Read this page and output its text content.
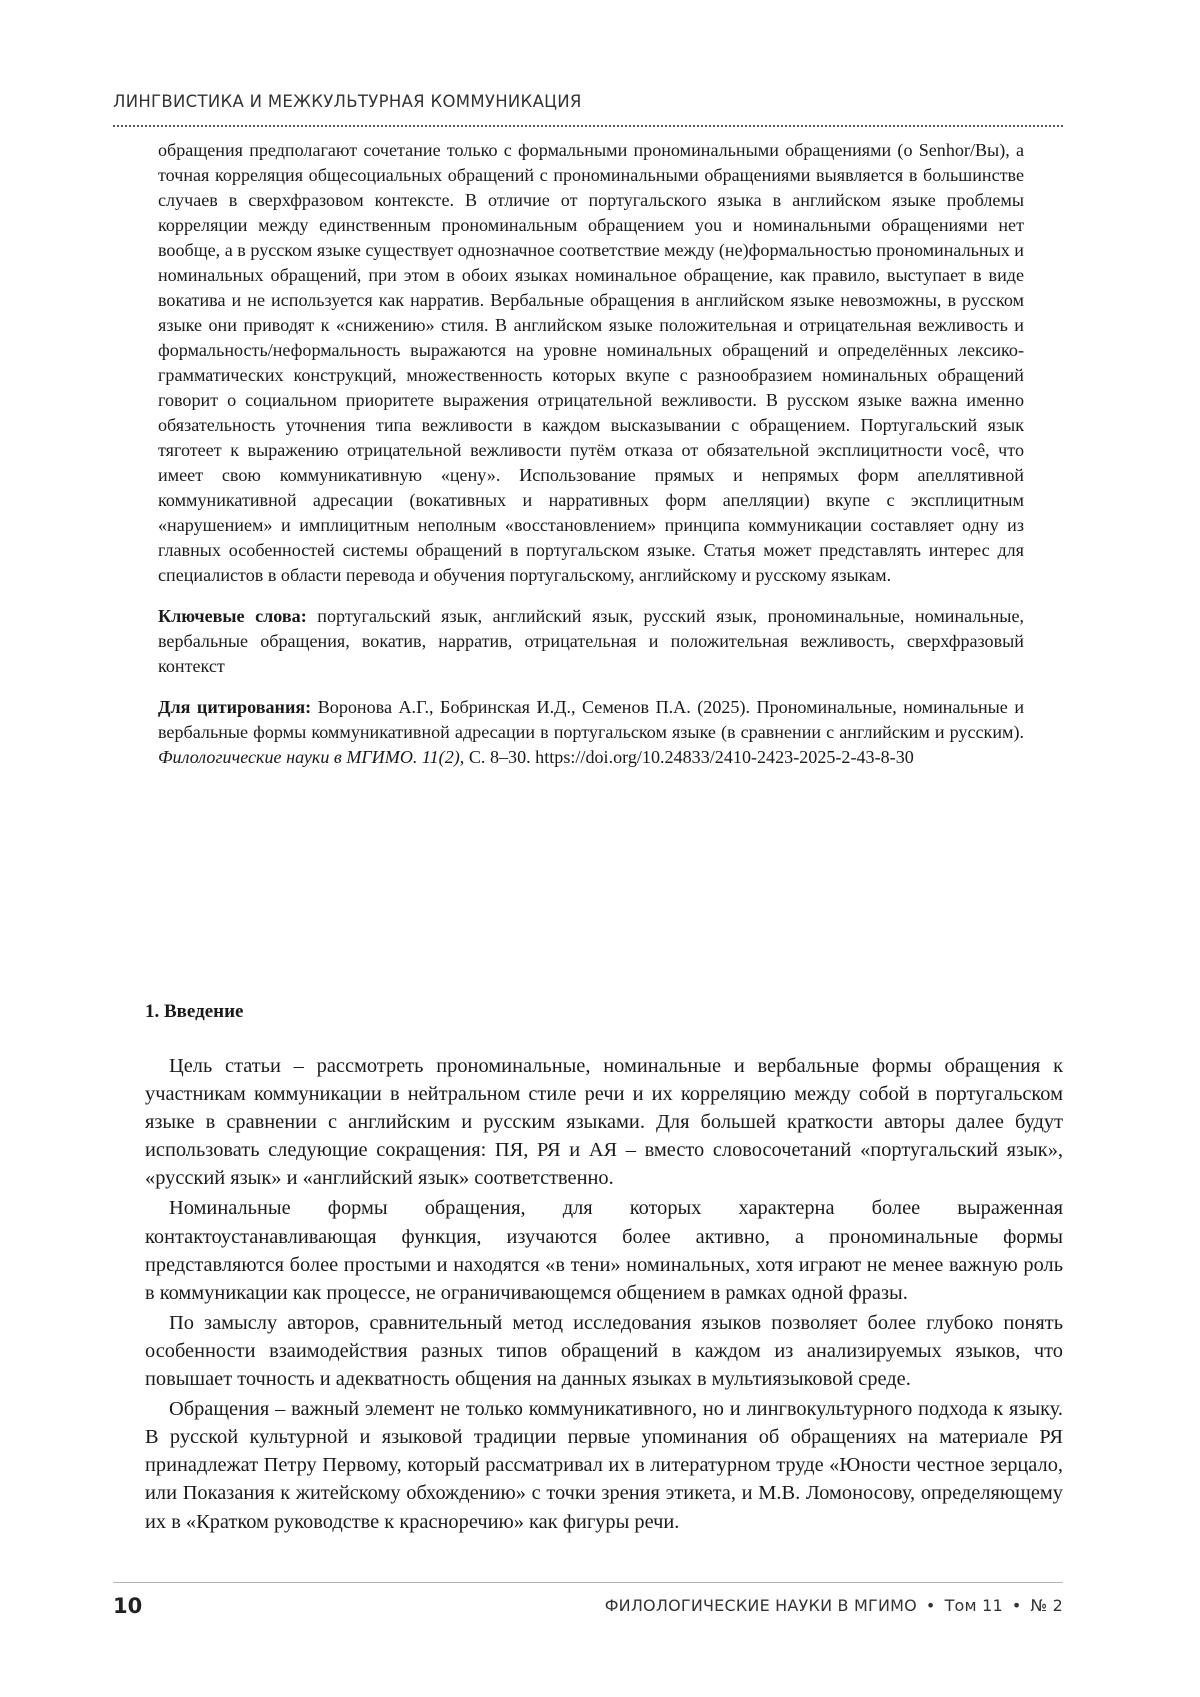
ЛИНГВИСТИКА И МЕЖКУЛЬТУРНАЯ КОММУНИКАЦИЯ

обращения предполагают сочетание только с формальными прономинальными обращениями (o Senhor/Вы), а точная корреляция общесоциальных обращений с прономинальными обращениями выявляется в большинстве случаев в сверхфразовом контексте. В отличие от португальского языка в английском языке проблемы корреляции между единственным прономинальным обращением you и номинальными обращениями нет вообще, а в русском языке существует однозначное соответствие между (не)формальностью прономинальных и номинальных обращений, при этом в обоих языках номинальное обращение, как правило, выступает в виде вокатива и не используется как нарратив. Вербальные обращения в английском языке невозможны, в русском языке они приводят к «снижению» стиля. В английском языке положительная и отрицательная вежливость и формальность/неформальность выражаются на уровне номинальных обращений и определённых лексико-грамматических конструкций, множественность которых вкупе с разнообразием номинальных обращений говорит о социальном приоритете выражения отрицательной вежливости. В русском языке важна именно обязательность уточнения типа вежливости в каждом высказывании с обращением. Португальский язык тяготеет к выражению отрицательной вежливости путём отказа от обязательной эксплицитности você, что имеет свою коммуникативную «цену». Использование прямых и непрямых форм апеллятивной коммуникативной адресации (вокативных и нарративных форм апелляции) вкупе с эксплицитным «нарушением» и имплицитным неполным «восстановлением» принципа коммуникации составляет одну из главных особенностей системы обращений в португальском языке. Статья может представлять интерес для специалистов в области перевода и обучения португальскому, английскому и русскому языкам.

Ключевые слова: португальский язык, английский язык, русский язык, прономинальные, номинальные, вербальные обращения, вокатив, нарратив, отрицательная и положительная вежливость, сверхфразовый контекст

Для цитирования: Воронова А.Г., Бобринская И.Д., Семенов П.А. (2025). Прономинальные, номинальные и вербальные формы коммуникативной адресации в португальском языке (в сравнении с английским и русским). Филологические науки в МГИМО. 11(2), С. 8–30. https://doi.org/10.24833/2410-2423-2025-2-43-8-30

1. Введение

Цель статьи – рассмотреть прономинальные, номинальные и вербальные формы обращения к участникам коммуникации в нейтральном стиле речи и их корреляцию между собой в португальском языке в сравнении с английским и русским языками. Для большей краткости авторы далее будут использовать следующие сокращения: ПЯ, РЯ и АЯ – вместо словосочетаний «португальский язык», «русский язык» и «английский язык» соответственно.

Номинальные формы обращения, для которых характерна более выраженная контактоустанавливающая функция, изучаются более активно, а прономинальные формы представляются более простыми и находятся «в тени» номинальных, хотя играют не менее важную роль в коммуникации как процессе, не ограничивающемся общением в рамках одной фразы.

По замыслу авторов, сравнительный метод исследования языков позволяет более глубоко понять особенности взаимодействия разных типов обращений в каждом из анализируемых языков, что повышает точность и адекватность общения на данных языках в мультиязыковой среде.

Обращения – важный элемент не только коммуникативного, но и лингвокультурного подхода к языку. В русской культурной и языковой традиции первые упоминания об обращениях на материале РЯ принадлежат Петру Первому, который рассматривал их в литературном труде «Юности честное зерцало, или Показания к житейскому обхождению» с точки зрения этикета, и М.В. Ломоносову, определяющему их в «Кратком руководстве к красноречию» как фигуры речи.

10	ФИЛОЛОГИЧЕСКИЕ НАУКИ В МГИМО • Том 11 • № 2
